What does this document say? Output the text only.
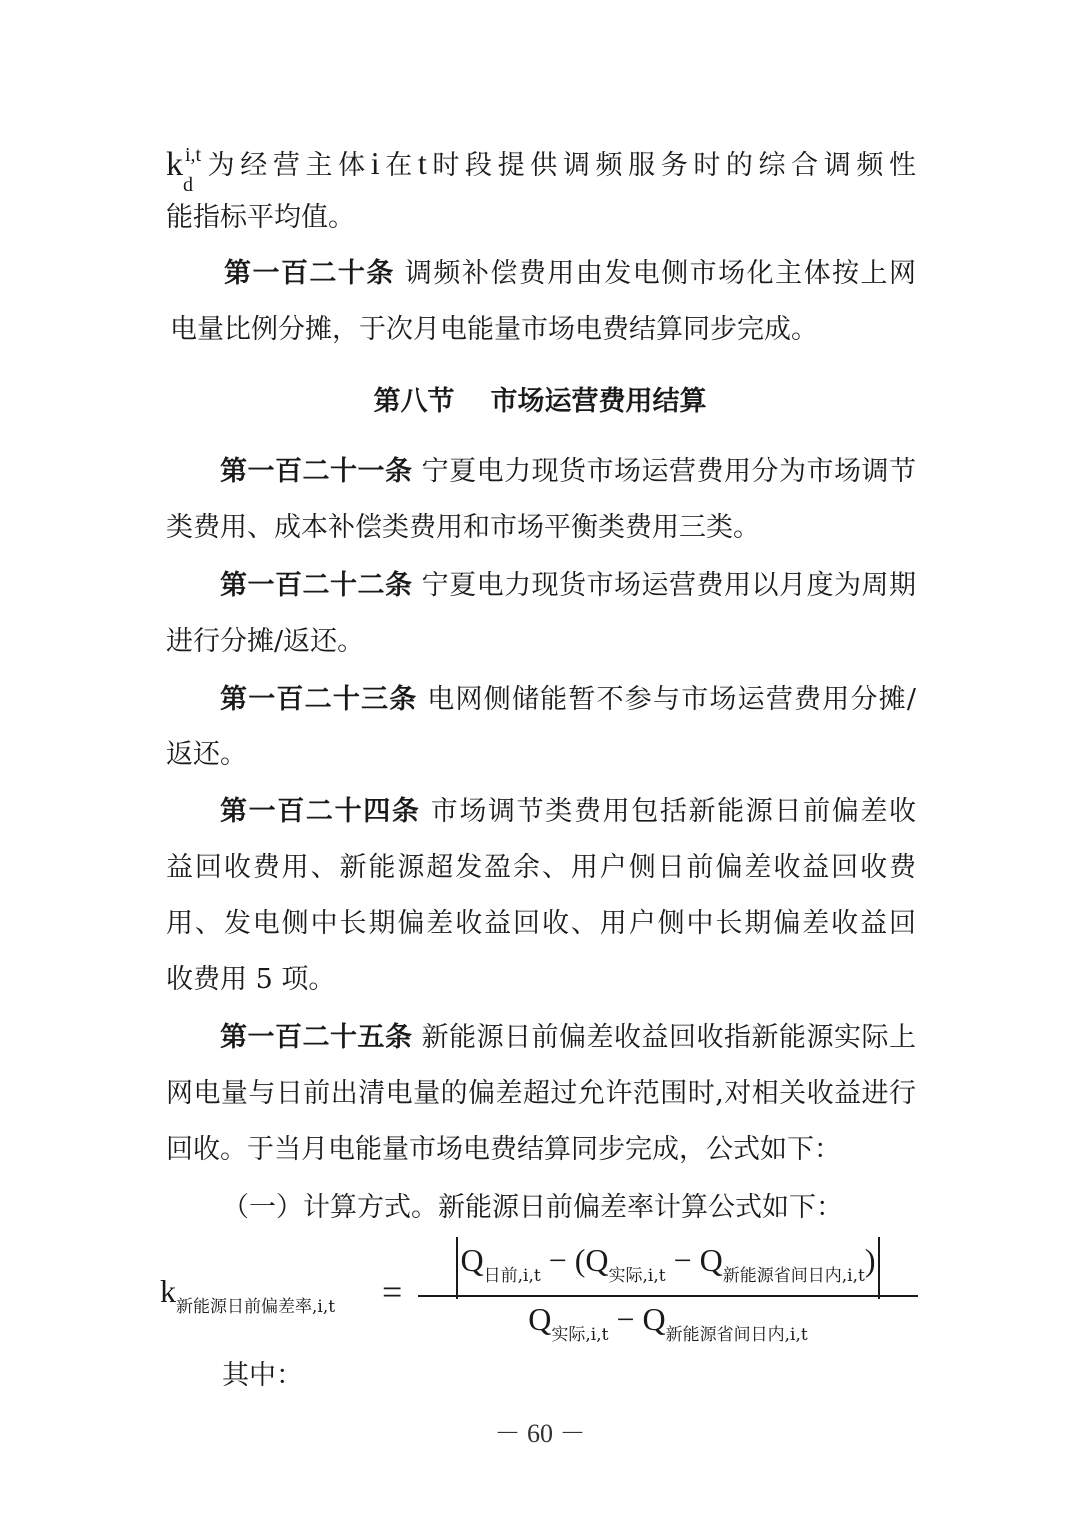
k i,t
d
为经营主体i在t时段提供调频服务时的综合调频性
能指标平均值。
第一百二十条 调频补偿费用由发电侧市场化主体按上网
电量比例分摊，于次月电能量市场电费结算同步完成。
第八节 市场运营费用结算
第一百二十一条 宁夏电力现货市场运营费用分为市场调节
类费用、成本补偿类费用和市场平衡类费用三类。
第一百二十二条 宁夏电力现货市场运营费用以月度为周期
进行分摊/返还。
第一百二十三条 电网侧储能暂不参与市场运营费用分摊/
返还。
第一百二十四条 市场调节类费用包括新能源日前偏差收
益回收费用、新能源超发盈余、用户侧日前偏差收益回收费
用、发电侧中长期偏差收益回收、用户侧中长期偏差收益回
收费用 5 项。
第一百二十五条 新能源日前偏差收益回收指新能源实际上
网电量与日前出清电量的偏差超过允许范围时,对相关收益进行
回收。于当月电能量市场电费结算同步完成，公式如下：
（一）计算方式。新能源日前偏差率计算公式如下：
$k_{新能源日前偏差率,i,t}$ =
$Q_{日前,i,t} - (Q_{实际,i,t} - Q_{新能源省间日内,i,t})$
$Q_{实际,i,t} - Q_{新能源省间日内,i,t}$
其中：
－ 60 －
